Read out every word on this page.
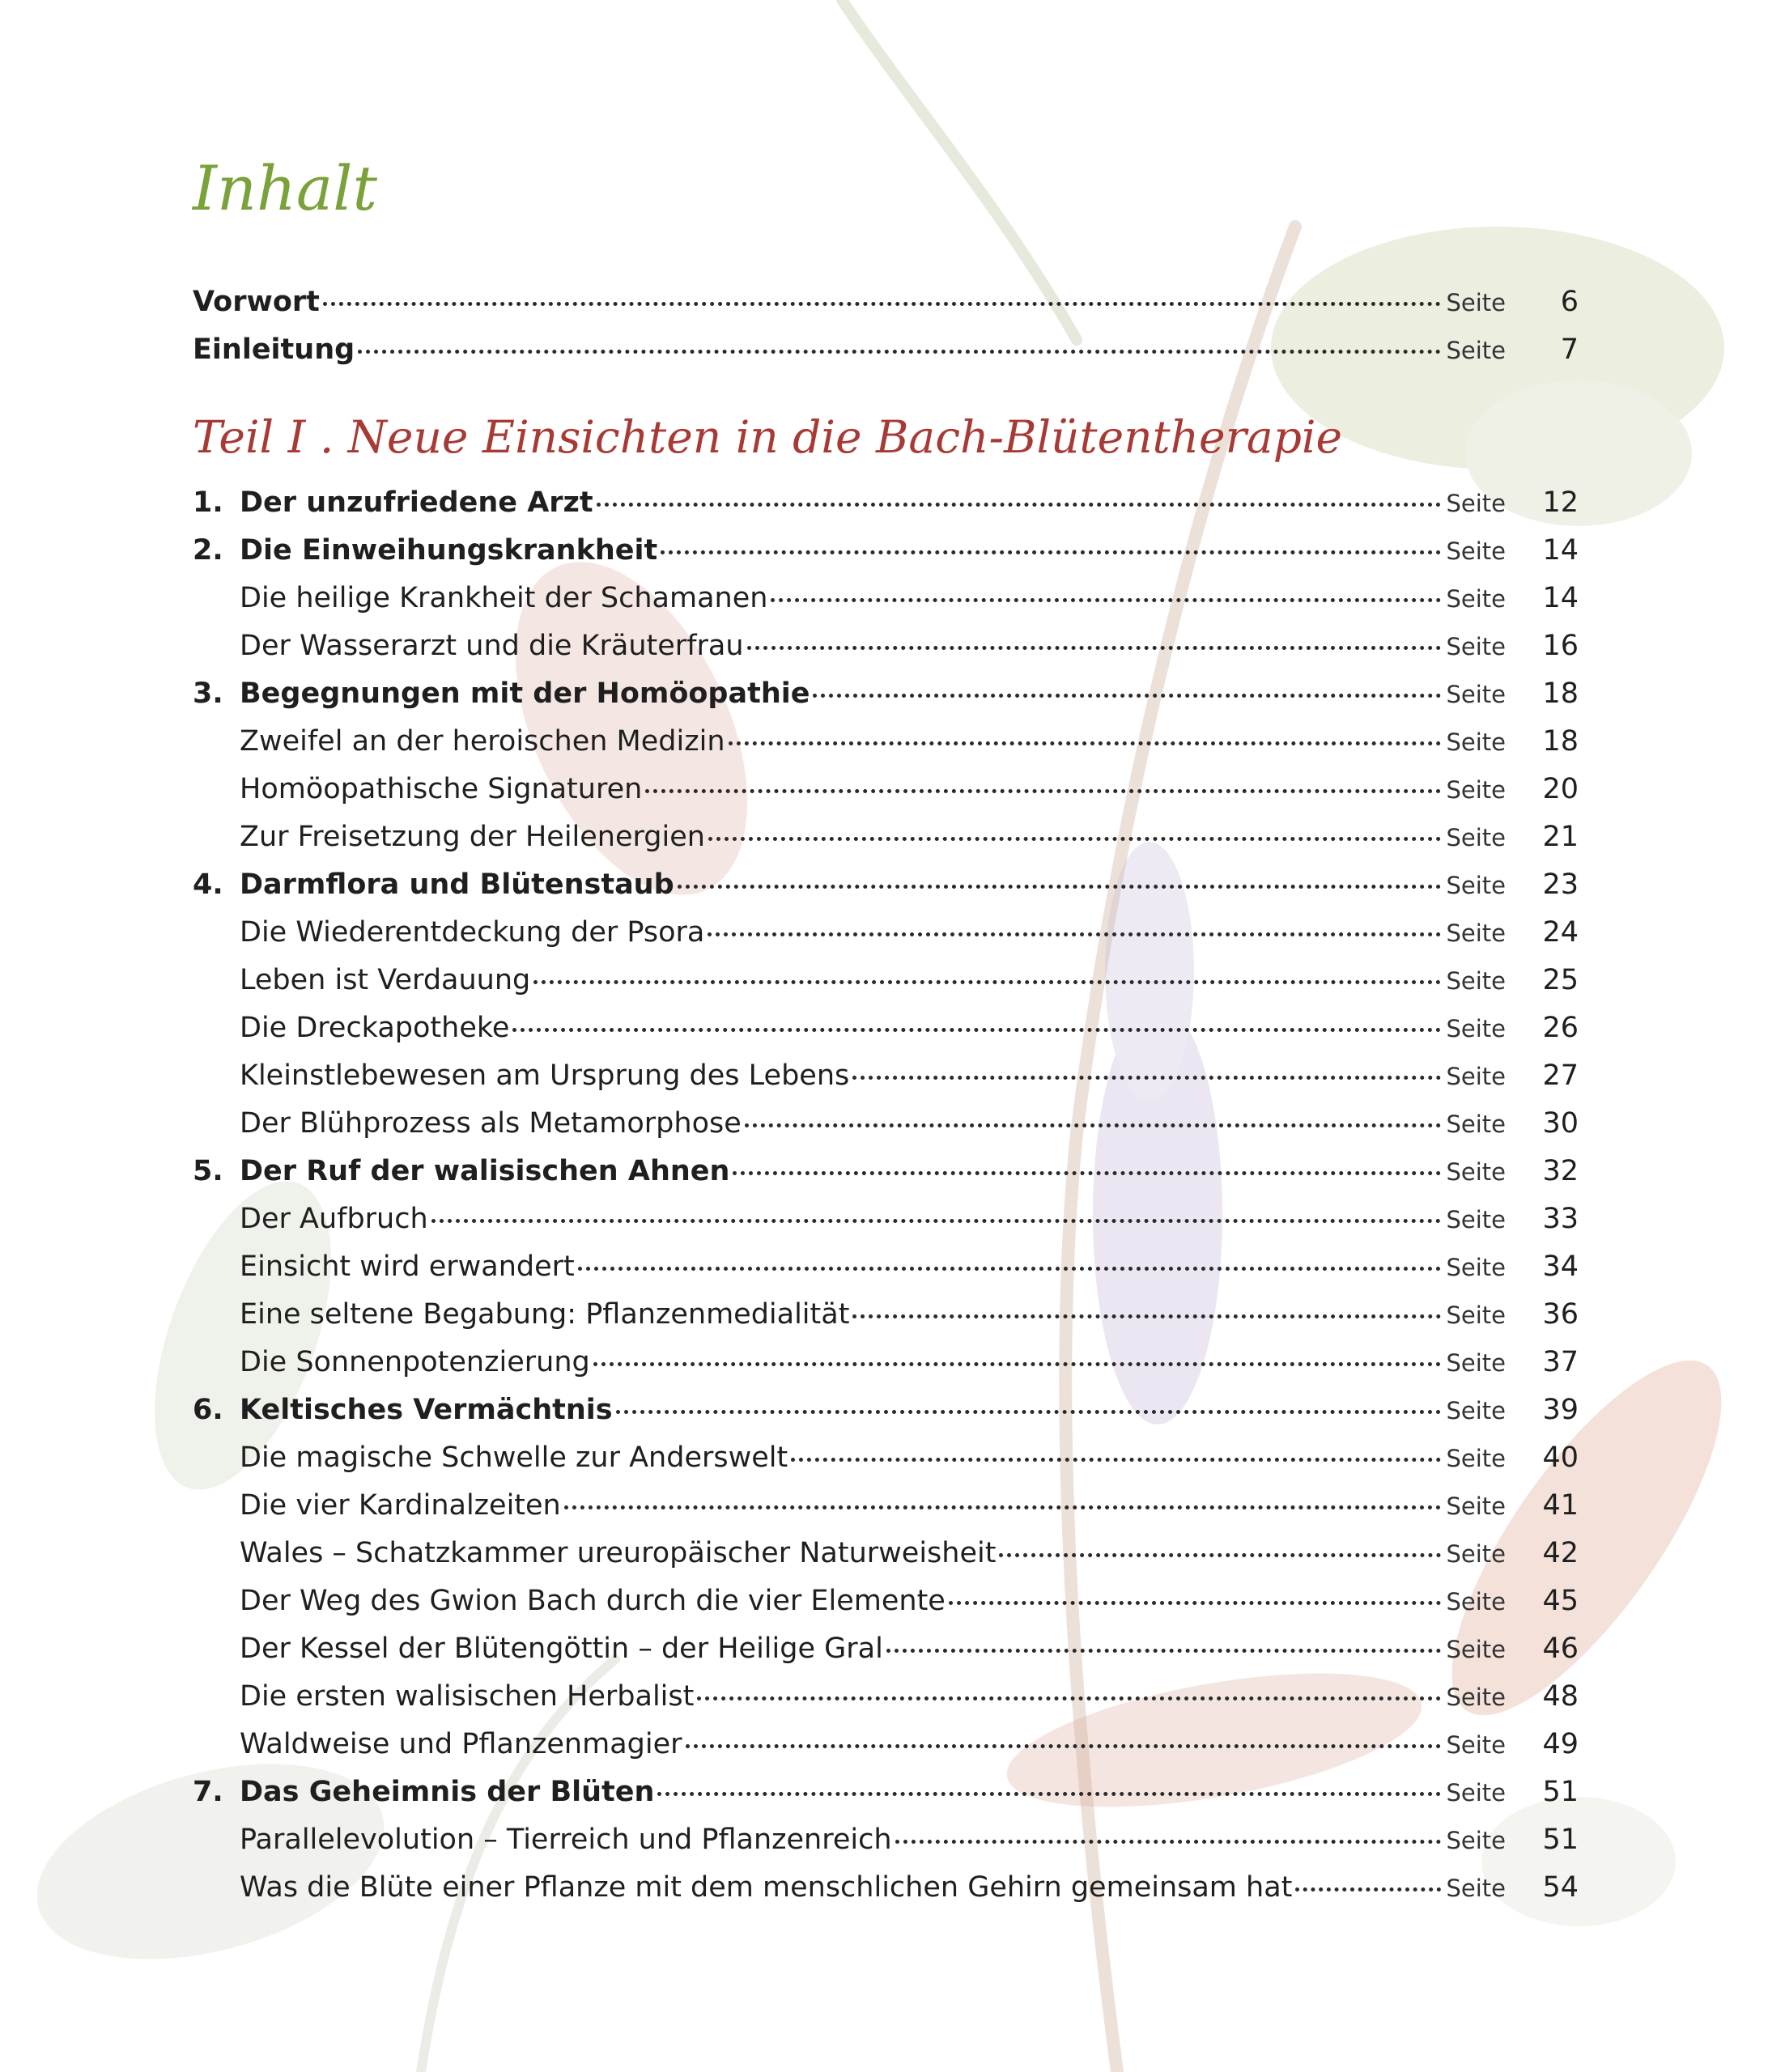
Inhalt
Vorwort	Seite	6
Einleitung	Seite	7
Teil I . Neue Einsichten in die Bach-Blütentherapie
1. Der unzufriedene Arzt	Seite	12
2. Die Einweihungskrankheit	Seite	14
Die heilige Krankheit der Schamanen	Seite	14
Der Wasserarzt und die Kräuterfrau	Seite	16
3. Begegnungen mit der Homöopathie	Seite	18
Zweifel an der heroischen Medizin	Seite	18
Homöopathische Signaturen	Seite	20
Zur Freisetzung der Heilenergien	Seite	21
4. Darmflora und Blütenstaub	Seite	23
Die Wiederentdeckung der Psora	Seite	24
Leben ist Verdauung	Seite	25
Die Dreckapotheke	Seite	26
Kleinstlebewesen am Ursprung des Lebens	Seite	27
Der Blühprozess als Metamorphose	Seite	30
5. Der Ruf der walisischen Ahnen	Seite	32
Der Aufbruch	Seite	33
Einsicht wird erwandert	Seite	34
Eine seltene Begabung: Pflanzenmedialität	Seite	36
Die Sonnenpotenzierung	Seite	37
6. Keltisches Vermächtnis	Seite	39
Die magische Schwelle zur Anderswelt	Seite	40
Die vier Kardinalzeiten	Seite	41
Wales – Schatzkammer ureuropäischer Naturweisheit	Seite	42
Der Weg des Gwion Bach durch die vier Elemente	Seite	45
Der Kessel der Blütengöttin – der Heilige Gral	Seite	46
Die ersten walisischen Herbalist	Seite	48
Waldweise und Pflanzenmagier	Seite	49
7. Das Geheimnis der Blüten	Seite	51
Parallelevolution – Tierreich und Pflanzenreich	Seite	51
Was die Blüte einer Pflanze mit dem menschlichen Gehirn gemeinsam hat	Seite	54
